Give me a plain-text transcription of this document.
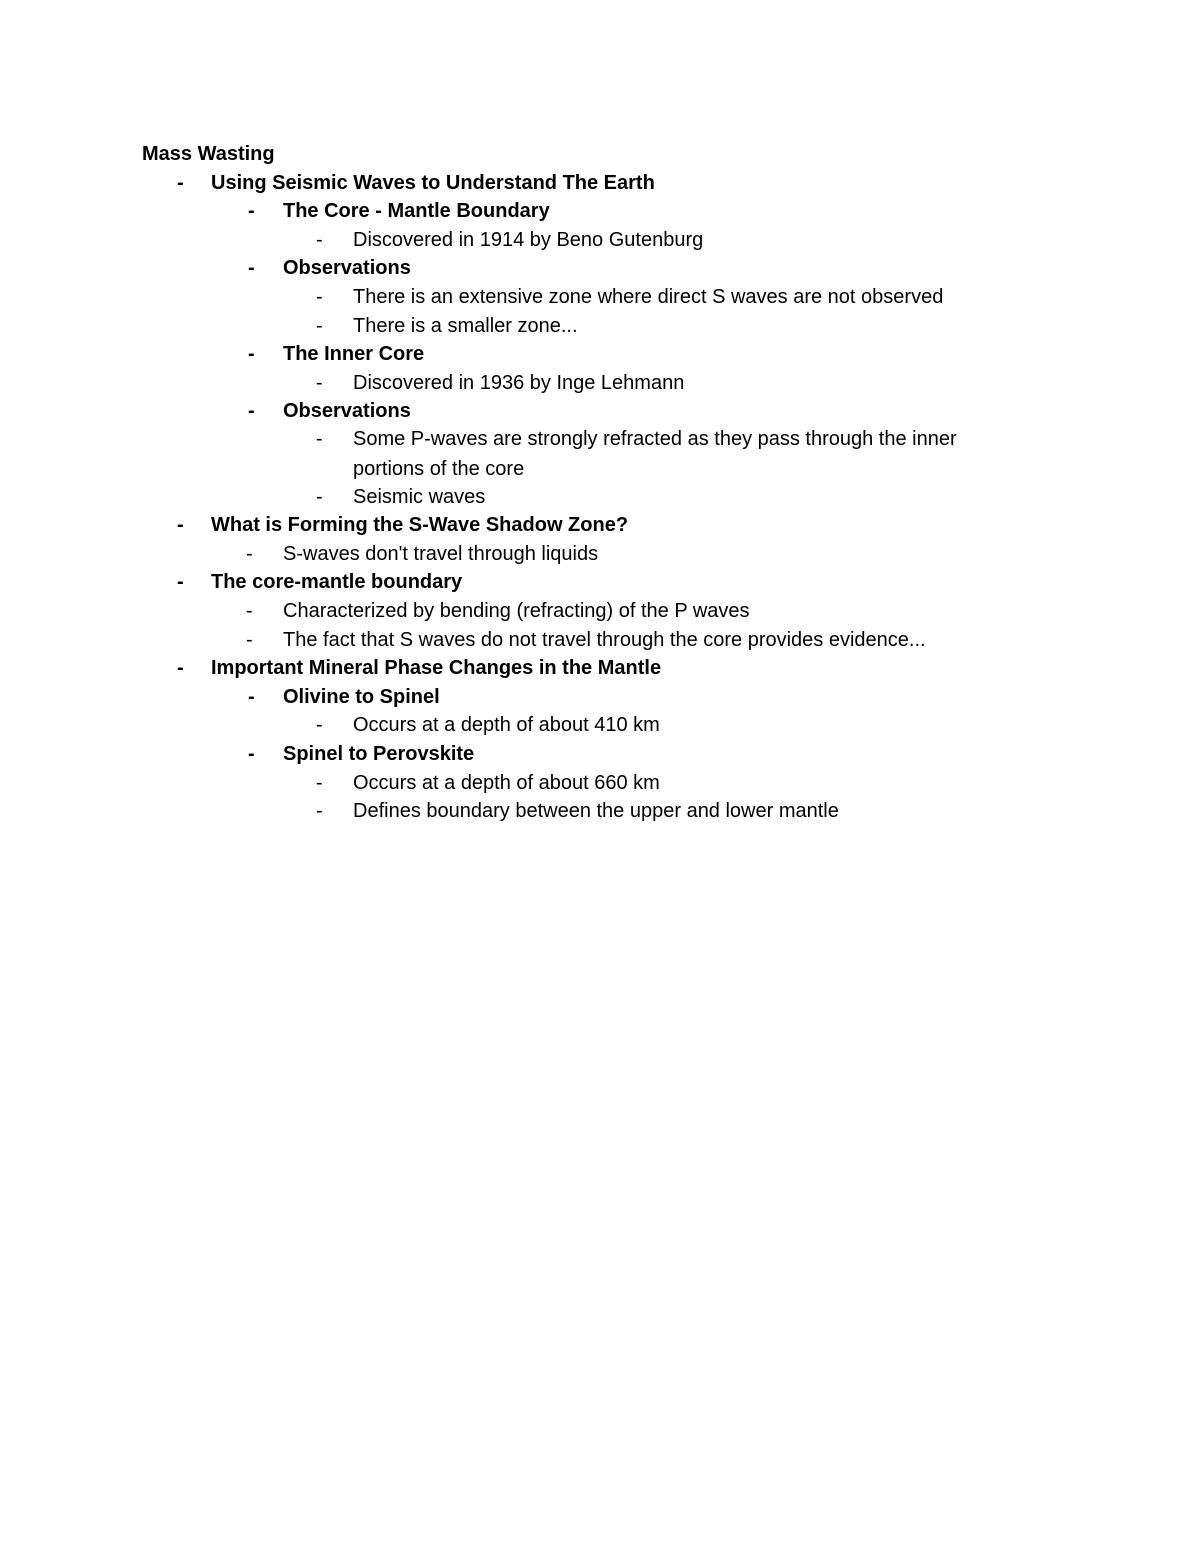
Mass Wasting
- Using Seismic Waves to Understand The Earth
- The Core - Mantle Boundary
- Discovered in 1914 by Beno Gutenburg
- Observations
- There is an extensive zone where direct S waves are not observed
- There is a smaller zone...
- The Inner Core
- Discovered in 1936 by Inge Lehmann
- Observations
- Some P-waves are strongly refracted as they pass through the inner
portions of the core
- Seismic waves
- What is Forming the S-Wave Shadow Zone?
- S-waves don't travel through liquids
- The core-mantle boundary
- Characterized by bending (refracting) of the P waves
- The fact that S waves do not travel through the core provides evidence...
- Important Mineral Phase Changes in the Mantle
- Olivine to Spinel
- Occurs at a depth of about 410 km
- Spinel to Perovskite
- Occurs at a depth of about 660 km
- Defines boundary between the upper and lower mantle
